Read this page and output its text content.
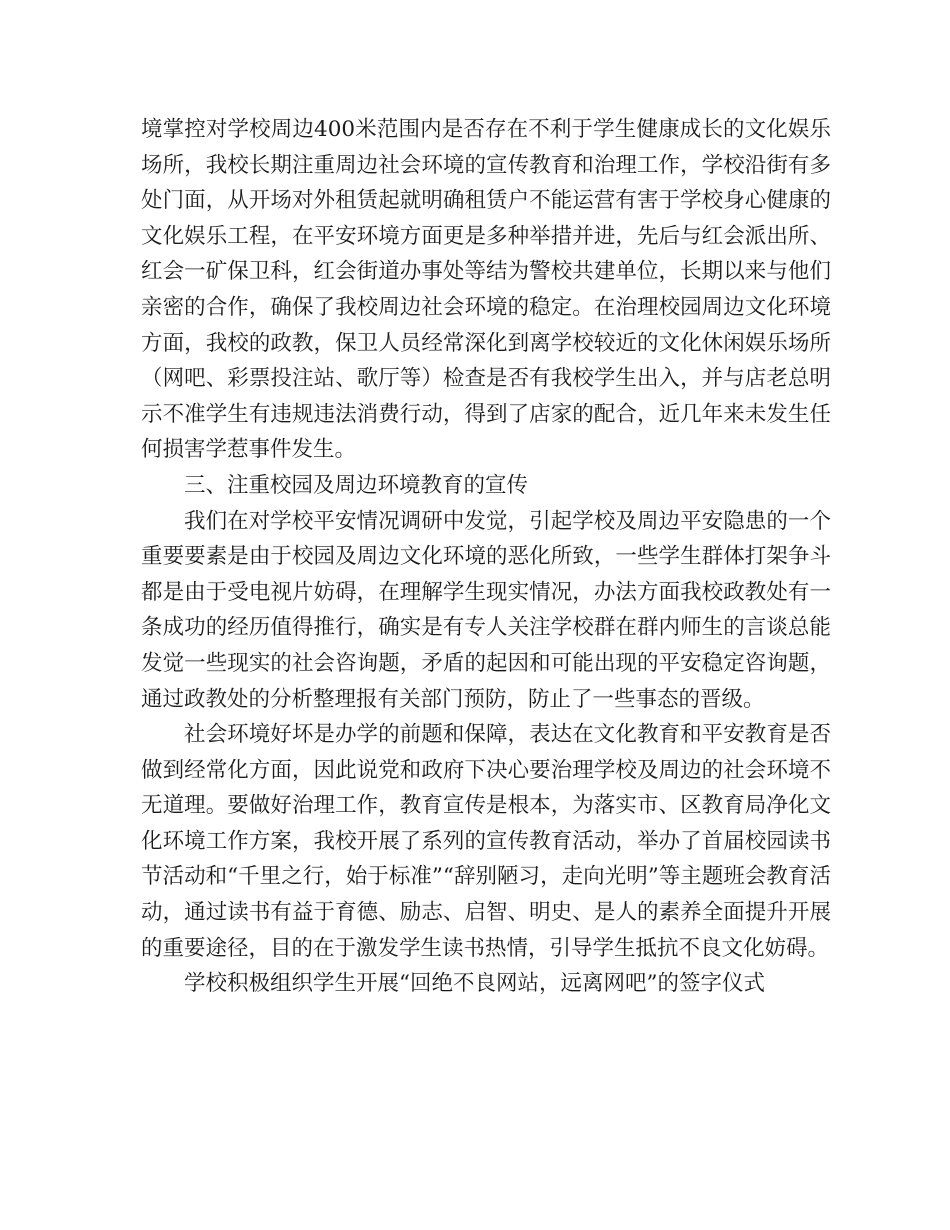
境掌控对学校周边400米范围内是否存在不利于学生健康成长的文化娱乐场所，我校长期注重周边社会环境的宣传教育和治理工作，学校沿街有多处门面，从开场对外租赁起就明确租赁户不能运营有害于学校身心健康的文化娱乐工程，在平安环境方面更是多种举措并进，先后与红会派出所、红会一矿保卫科，红会街道办事处等结为警校共建单位，长期以来与他们亲密的合作，确保了我校周边社会环境的稳定。在治理校园周边文化环境方面，我校的政教，保卫人员经常深化到离学校较近的文化休闲娱乐场所（网吧、彩票投注站、歌厅等）检查是否有我校学生出入，并与店老总明示不准学生有违规违法消费行动，得到了店家的配合，近几年来未发生任何损害学惹事件发生。

三、注重校园及周边环境教育的宣传

我们在对学校平安情况调研中发觉，引起学校及周边平安隐患的一个重要要素是由于校园及周边文化环境的恶化所致，一些学生群体打架争斗都是由于受电视片妨碍，在理解学生现实情况，办法方面我校政教处有一条成功的经历值得推行，确实是有专人关注学校群在群内师生的言谈总能发觉一些现实的社会咨询题，矛盾的起因和可能出现的平安稳定咨询题，通过政教处的分析整理报有关部门预防，防止了一些事态的晋级。

社会环境好坏是办学的前题和保障，表达在文化教育和平安教育是否做到经常化方面，因此说党和政府下决心要治理学校及周边的社会环境不无道理。要做好治理工作，教育宣传是根本，为落实市、区教育局净化文化环境工作方案，我校开展了系列的宣传教育活动，举办了首届校园读书节活动和“千里之行，始于标准”“辞别陋习，走向光明”等主题班会教育活动，通过读书有益于育德、励志、启智、明史、是人的素养全面提升开展的重要途径，目的在于激发学生读书热情，引导学生抵抗不良文化妨碍。

学校积极组织学生开展“回绝不良网站，远离网吧”的签字仪式
